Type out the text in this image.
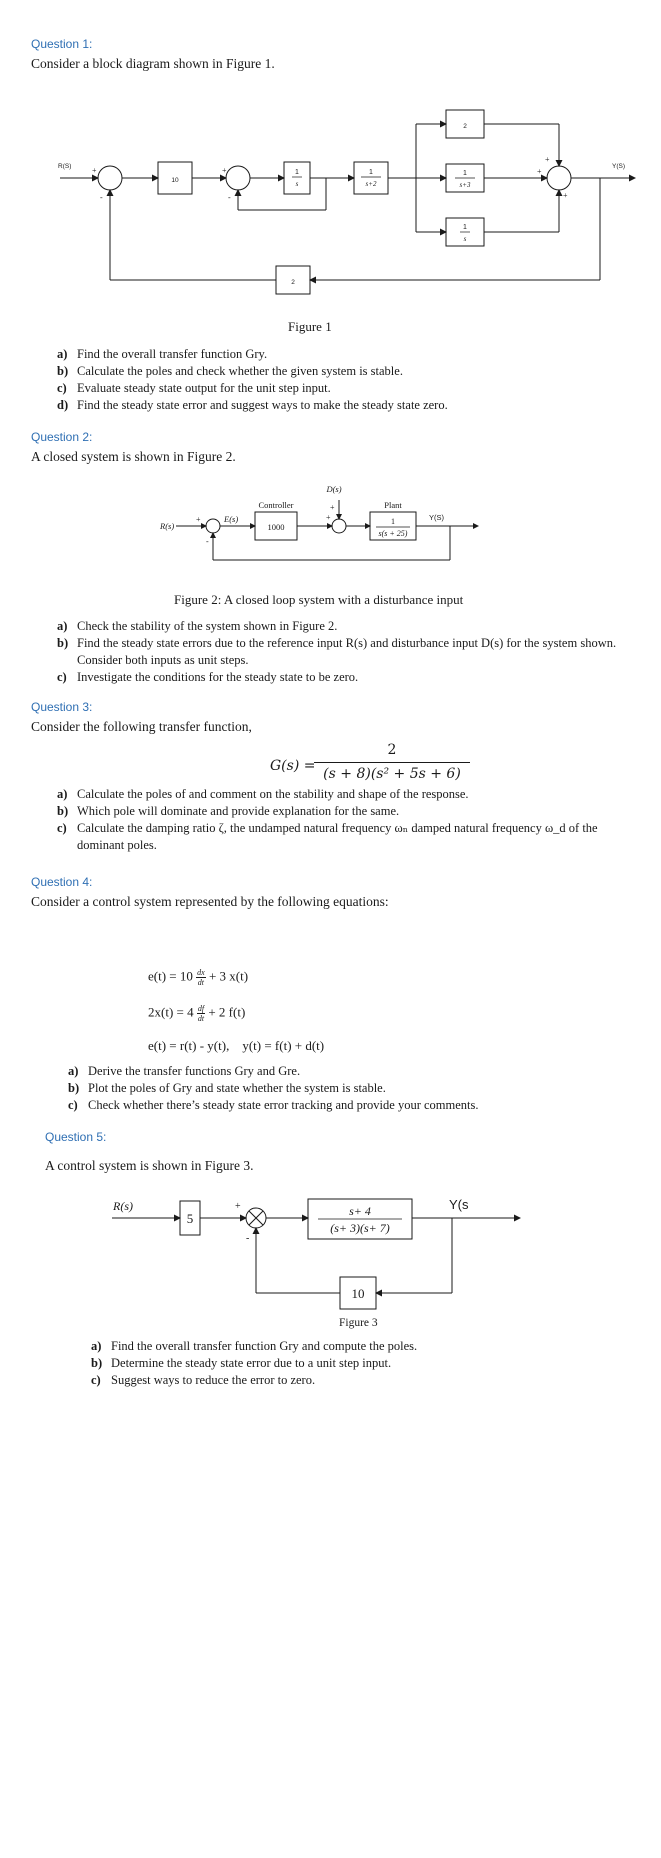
Question 1:
Consider a block diagram shown in Figure 1.
R(S)	Y(S)
+
-
+
-
+
+
+
10
1
s
1
s+2
2
1
s+3
1
s
2
Figure 1
a) Find the overall transfer function Gry.
b) Calculate the poles and check whether the given system is stable.
c) Evaluate steady state output for the unit step input.
d) Find the steady state error and suggest ways to make the steady state zero.
Question 2:
A closed system is shown in Figure 2.
R(s)
+
-
E(s)
Controller
1000
D(s)
+
+	Plant
1
s(s + 25)
Y(S)
Figure 2: A closed loop system with a disturbance input
a) Check the stability of the system shown in Figure 2.
b) Find the steady state errors due to the reference input R(s) and disturbance input D(s) for the system shown. Consider both inputs as unit steps.
c) Investigate the conditions for the steady state to be zero.
Question 3:
Consider the following transfer function,
G(s) =
2
(s + 8)(s² + 5s + 6)
a) Calculate the poles of and comment on the stability and shape of the response.
b) Which pole will dominate and provide explanation for the same.
c) Calculate the damping ratio ζ, the undamped natural frequency ωₙ damped natural frequency ω_d of the dominant poles.
Question 4:
Consider a control system represented by the following equations:
$e(t) = 10 \frac{dx}{dt} + 3$ x(t)
$2x(t) = 4 \frac{df}{dt} + 2$ f(t)
e(t) = r(t) - y(t),    y(t) = f(t) + d(t)
a) Derive the transfer functions Gry and Gre.
b) Plot the poles of Gry and state whether the system is stable.
c) Check whether there’s steady state error tracking and provide your comments.
Question 5:
A control system is shown in Figure 3.
R(s)
5
+
-
s+ 4
(s+ 3)(s+ 7)
10
Y(s
Figure 3
a) Find the overall transfer function Gry and compute the poles.
b) Determine the steady state error due to a unit step input.
c) Suggest ways to reduce the error to zero.
